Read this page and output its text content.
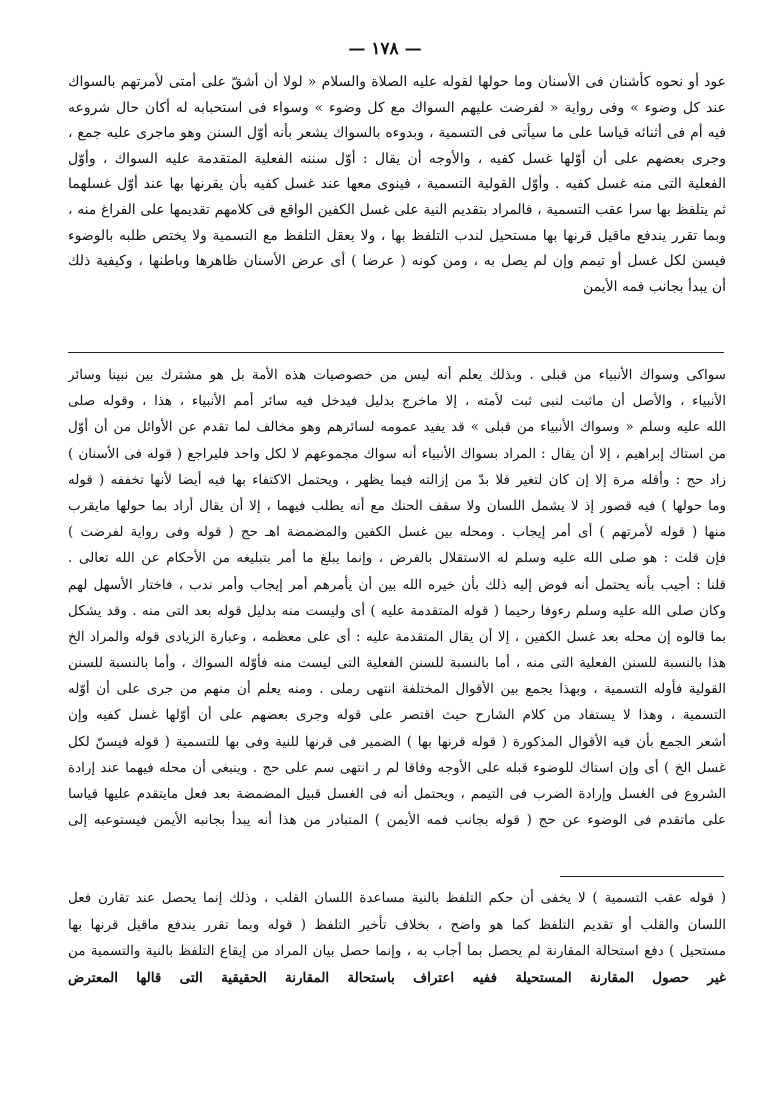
— ١٧٨ —
عود أو نحوه كأشنان فى الأسنان وما حولها لقوله عليه الصلاة والسلام « لولا أن أشقّ على أمتى لأمرتهم بالسواك
عند كل وضوء » وفى رواية « لفرضت عليهم السواك مع كل وضوء » وسواء فى استحبابه له أكان حال شروعه
فيه أم فى أثنائه قياسا على ما سيأتى فى التسمية ، وبدوءه بالسواك يشعر بأنه أوّل السنن وهو ماجرى عليه جمع ،
وجرى بعضهم على أن أوّلها غسل كفيه ، والأوجه أن يقال : أوّل سننه الفعلية المتقدمة عليه السواك ، وأوّل
الفعلية التى منه غسل كفيه . وأوّل القولية التسمية ، فينوى معها عند غسل كفيه بأن يقرنها بها عند أوّل غسلهما
ثم يتلفظ بها سرا عقب التسمية ، فالمراد بتقديم النية على غسل الكفين الواقع فى كلامهم تقديمها على الفراغ منه ،
وبما تقرر يندفع ماقيل قرنها بها مستحيل لندب التلفظ بها ، ولا يعقل التلفظ مع التسمية ولا يختص طلبه بالوضوء
فيسن لكل غسل أو تيمم وإن لم يصل به ، ومن كونه ( عرضا ) أى عرض الأسنان ظاهرها وباطنها ، وكيفية ذلك
أن يبدأ بجانب فمه الأيمن
سواكى وسواك الأنبياء من قبلى . وبذلك يعلم أنه ليس من خصوصيات هذه الأمة بل هو مشترك بين نبينا وسائر
الأنبياء ، والأصل أن ماثبت لنبى ثبت لأمته ، إلا ماخرج بدليل فيدخل فيه سائر أمم الأنبياء ، هذا ، وقوله صلى
الله عليه وسلم « وسواك الأنبياء من قبلى » قد يفيد عمومه لسائرهم وهو مخالف لما تقدم عن الأوائل من أن أوّل
من استاك إبراهيم ، إلا أن يقال : المراد بسواك الأنبياء أنه سواك مجموعهم لا لكل واحد فليراجع ( قوله فى الأسنان )
زاد حج : وأقله مرة إلا إن كان لتغير فلا بدّ من إزالته فيما يظهر ، ويحتمل الاكتفاء بها فيه أيضا لأنها تخففه ( قوله
وما حولها ) فيه قصور إذ لا يشمل اللسان ولا سقف الحنك مع أنه يطلب فيهما ، إلا أن يقال أراد بما حولها مايقرب
منها ( قوله لأمرتهم ) أى أمر إيجاب . ومحله بين غسل الكفين والمضمضة اهـ حج ( قوله وفى رواية لفرضت )
فإن قلت : هو صلى الله عليه وسلم له الاستقلال بالفرض ، وإنما يبلغ ما أمر بتبليغه من الأحكام عن الله تعالى .
قلنا : أجيب بأنه يحتمل أنه فوض إليه ذلك بأن خيره الله بين أن يأمرهم أمر إيجاب وأمر ندب ، فاختار الأسهل لهم
وكان صلى الله عليه وسلم رءوفا رحيما ( قوله المتقدمة عليه ) أى وليست منه بدليل قوله بعد التى منه . وقد يشكل
بما قالوه إن محله بعد غسل الكفين ، إلا أن يقال المتقدمة عليه : أى على معظمه ، وعبارة الزيادى قوله والمراد الخ
هذا بالنسبة للسنن الفعلية التى منه ، أما بالنسبة للسنن الفعلية التى ليست منه فأوّله السواك ، وأما بالنسبة للسنن
القولية فأوله التسمية ، وبهذا يجمع بين الأقوال المختلفة انتهى رملى . ومنه يعلم أن منهم من جرى على أن أوّله
التسمية ، وهذا لا يستفاد من كلام الشارح حيث اقتصر على قوله وجرى بعضهم على أن أوّلها غسل كفيه وإن
أشعر الجمع بأن فيه الأقوال المذكورة ( قوله قرنها بها ) الضمير فى قرنها للنية وفى بها للتسمية ( قوله فيسنّ لكل
غسل الخ ) أى وإن استاك للوضوء قبله على الأوجه وفاقا لم ر انتهى سم على حج . وينبغى أن محله فيهما عند إرادة
الشروع فى الغسل وإرادة الضرب فى التيمم ، ويحتمل أنه فى الغسل قبيل المضمضة بعد فعل مايتقدم عليها قياسا
على ماتقدم فى الوضوء عن حج ( قوله بجانب فمه الأيمن ) المتبادر من هذا أنه يبدأ بجانبه الأيمن فيستوعبه إلى
( قوله عقب التسمية ) لا يخفى أن حكم التلفظ بالنية مساعدة اللسان القلب ، وذلك إنما يحصل عند تقارن فعل
اللسان والقلب أو تقديم التلفظ كما هو واضح ، بخلاف تأخير التلفظ ( قوله وبما تقرر يندفع ماقيل قرنها بها
مستحيل ) دفع استحالة المقارنة لم يحصل بما أجاب به ، وإنما حصل بيان المراد من إيقاع التلفظ بالنية والتسمية من
غير حصول المقارنة المستحيلة ففيه اعتراف باستحالة المقارنة الحقيقية التى قالها المعترض
